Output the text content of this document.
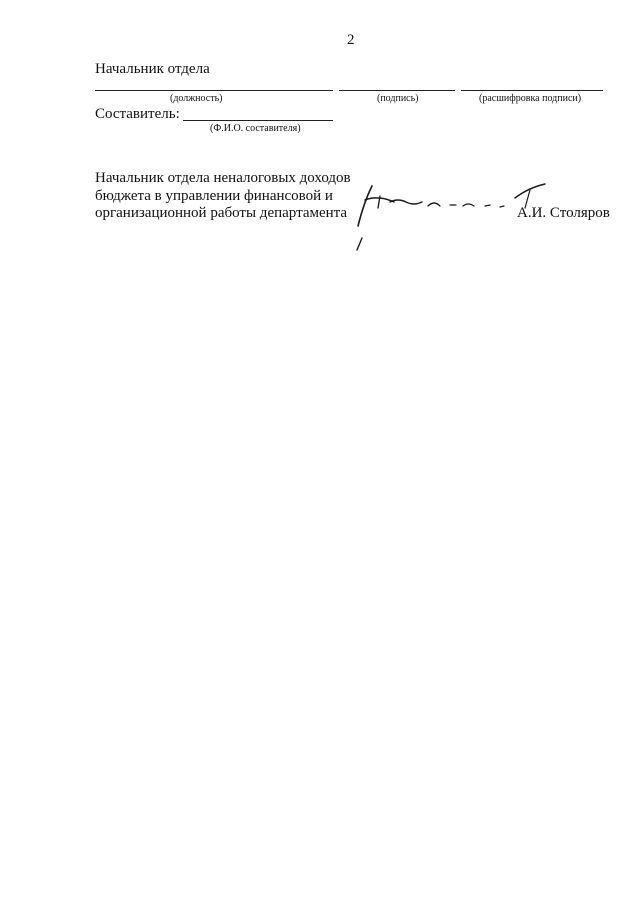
2
Начальник отдела
(должность)	(подпись)	(расшифровка подписи)
Составитель:
(Ф.И.О. составителя)
Начальник отдела неналоговых доходов
бюджета в управлении финансовой и
организационной работы департамента	А.И. Столяров
